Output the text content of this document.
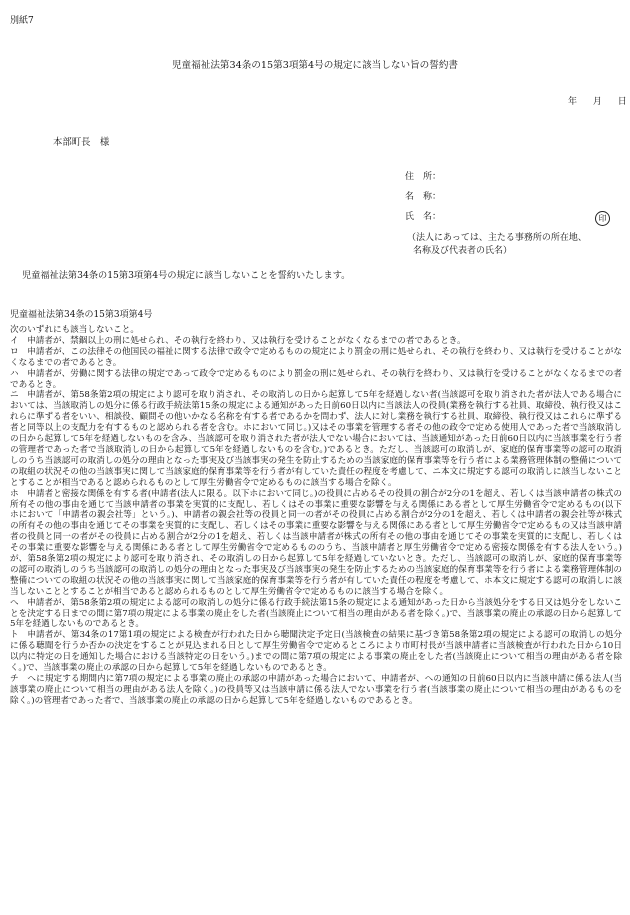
別紙7
児童福祉法第34条の15第3項第4号の規定に該当しない旨の誓約書
年 月 日
本部町長　様
住　所：
名　称：
氏　名：	印
（法人にあっては、主たる事務所の所在地、
名称及び代表者の氏名）
児童福祉法第34条の15第3項第4号の規定に該当しないことを誓約いたします。
児童福祉法第34条の15第3項第4号

次のいずれにも該当しないこと。

イ　申請者が、禁錮以上の刑に処せられ、その執行を終わり、又は執行を受けることがなくなるまでの者であるとき。

ロ　申請者が、この法律その他国民の福祉に関する法律で政令で定めるものの規定により罰金の刑に処せられ、その執行を終わり、又は執行を受けることがなくなるまでの者であるとき。

ハ　申請者が、労働に関する法律の規定であって政令で定めるものにより罰金の刑に処せられ、その執行を終わり、又は執行を受けることがなくなるまでの者であるとき。

ニ　申請者が、第58条第2項の規定により認可を取り消され、その取消しの日から起算して5年を経過しない者(当該認可を取り消された者が法人である場合においては、当該取消しの処分に係る行政手続法第15条の規定による通知があった日前60日以内に当該法人の役員(業務を執行する社員、取締役、執行役又はこれらに準ずる者をいい、相談役、顧問その他いかなる名称を有する者であるかを問わず、法人に対し業務を執行する社員、取締役、執行役又はこれらに準ずる者と同等以上の支配力を有するものと認められる者を含む。ホにおいて同じ。)又はその事業を管理する者その他の政令で定める使用人であった者で当該取消しの日から起算して5年を経過しないものを含み、当該認可を取り消された者が法人でない場合においては、当該通知があった日前60日以内に当該事業を行う者の管理者であった者で当該取消しの日から起算して5年を経過しないものを含む。)であるとき。ただし、当該認可の取消しが、家庭的保育事業等の認可の取消しのうち当該認可の取消しの処分の理由となった事実及び当該事実の発生を防止するための当該家庭的保育事業等を行う者による業務管理体制の整備についての取組の状況その他の当該事実に関して当該家庭的保育事業等を行う者が有していた責任の程度を考慮して、ニ本文に規定する認可の取消しに該当しないこととすることが相当であると認められるものとして厚生労働省令で定めるものに該当する場合を除く。

ホ　申請者と密接な関係を有する者(申請者(法人に限る。以下ホにおいて同じ。)の役員に占めるその役員の割合が2分の1を超え、若しくは当該申請者の株式の所有その他の事由を通じて当該申請者の事業を実質的に支配し、若しくはその事業に重要な影響を与える関係にある者として厚生労働省令で定めるもの(以下ホにおいて「申請者の親会社等」という。)、申請者の親会社等の役員と同一の者がその役員に占める割合が2分の1を超え、若しくは申請者の親会社等が株式の所有その他の事由を通じてその事業を実質的に支配し、若しくはその事業に重要な影響を与える関係にある者として厚生労働省令で定めるもの又は当該申請者の役員と同一の者がその役員に占める割合が2分の1を超え、若しくは当該申請者が株式の所有その他の事由を通じてその事業を実質的に支配し、若しくはその事業に重要な影響を与える関係にある者として厚生労働省令で定めるもののうち、当該申請者と厚生労働省令で定める密接な関係を有する法人をいう。)が、第58条第2項の規定により認可を取り消され、その取消しの日から起算して5年を経過していないとき。ただし、当該認可の取消しが、家庭的保育事業等の認可の取消しのうち当該認可の取消しの処分の理由となった事実及び当該事実の発生を防止するための当該家庭的保育事業等を行う者による業務管理体制の整備についての取組の状況その他の当該事実に関して当該家庭的保育事業等を行う者が有していた責任の程度を考慮して、ホ本文に規定する認可の取消しに該当しないこととすることが相当であると認められるものとして厚生労働省令で定めるものに該当する場合を除く。

へ　申請者が、第58条第2項の規定による認可の取消しの処分に係る行政手続法第15条の規定による通知があった日から当該処分をする日又は処分をしないことを決定する日までの間に第7項の規定による事業の廃止をした者(当該廃止について相当の理由がある者を除く。)で、当該事業の廃止の承認の日から起算して5年を経過しないものであるとき。

ト　申請者が、第34条の17第1項の規定による検査が行われた日から聴聞決定予定日(当該検査の結果に基づき第58条第2項の規定による認可の取消しの処分に係る聴聞を行うか否かの決定をすることが見込まれる日として厚生労働省令で定めるところにより市町村長が当該申請者に当該検査が行われた日から10日以内に特定の日を通知した場合における当該特定の日をいう。)までの間に第7項の規定による事業の廃止をした者(当該廃止について相当の理由がある者を除く。)で、当該事業の廃止の承認の日から起算して5年を経過しないものであるとき。

チ　へに規定する期間内に第7項の規定による事業の廃止の承認の申請があった場合において、申請者が、への通知の日前60日以内に当該申請に係る法人(当該事業の廃止について相当の理由がある法人を除く。)の役員等又は当該申請に係る法人でない事業を行う者(当該事業の廃止について相当の理由があるものを除く。)の管理者であった者で、当該事業の廃止の承認の日から起算して5年を経過しないものであるとき。
